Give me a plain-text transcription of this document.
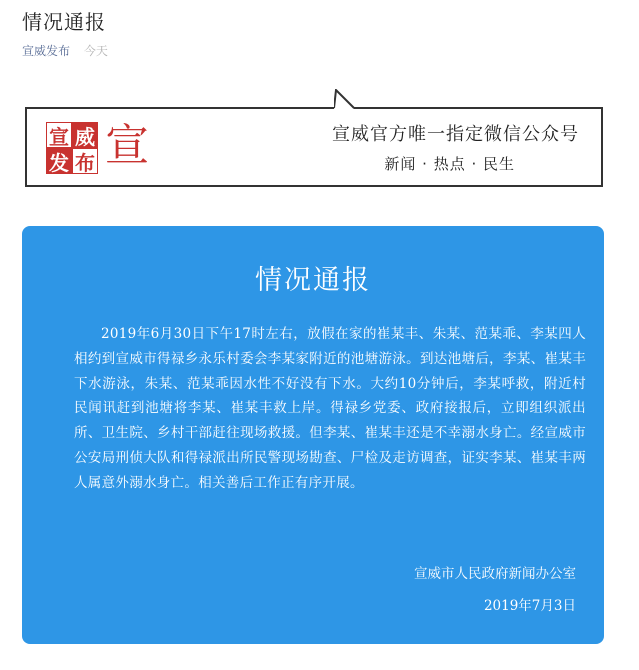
情况通报
宣威发布 今天
宣 威
发 布 宣	宣威官方唯一指定微信公众号
新闻 · 热点 · 民生
情况通报

2019年6月30日下午17时左右，放假在家的崔某丰、朱某、范某乖、李某四人相约到宣威市得禄乡永乐村委会李某家附近的池塘游泳。到达池塘后，李某、崔某丰下水游泳，朱某、范某乖因水性不好没有下水。大约10分钟后，李某呼救，附近村民闻讯赶到池塘将李某、崔某丰救上岸。得禄乡党委、政府接报后，立即组织派出所、卫生院、乡村干部赶往现场救援。但李某、崔某丰还是不幸溺水身亡。经宣威市公安局刑侦大队和得禄派出所民警现场勘查、尸检及走访调查，证实李某、崔某丰两人属意外溺水身亡。相关善后工作正有序开展。

宣威市人民政府新闻办公室
2019年7月3日
